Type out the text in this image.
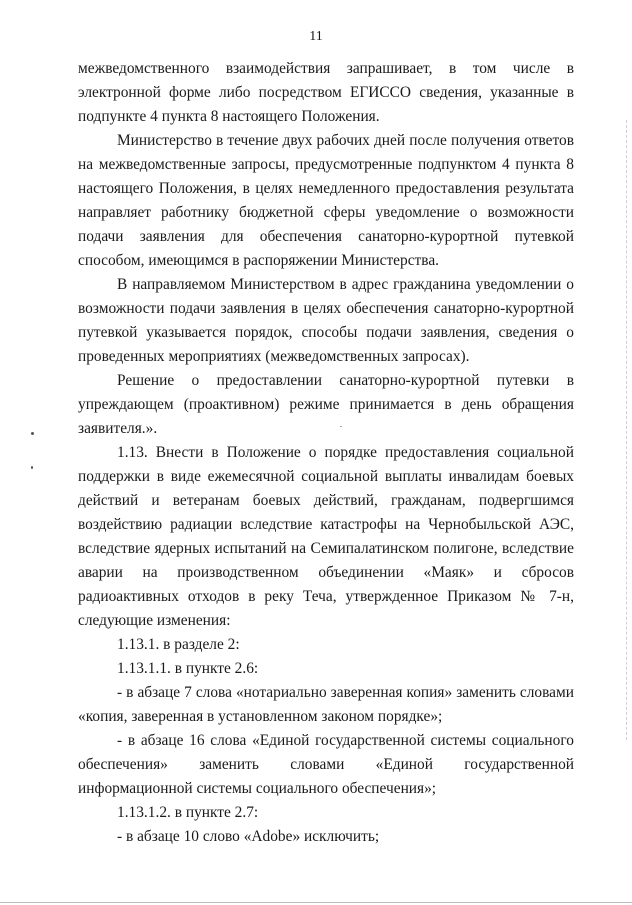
11

межведомственного взаимодействия запрашивает, в том числе в электронной форме либо посредством ЕГИССО сведения, указанные в подпункте 4 пункта 8 настоящего Положения.

Министерство в течение двух рабочих дней после получения ответов на межведомственные запросы, предусмотренные подпунктом 4 пункта 8 настоящего Положения, в целях немедленного предоставления результата направляет работнику бюджетной сферы уведомление о возможности подачи заявления для обеспечения санаторно-курортной путевкой способом, имеющимся в распоряжении Министерства.

В направляемом Министерством в адрес гражданина уведомлении о возможности подачи заявления в целях обеспечения санаторно-курортной путевкой указывается порядок, способы подачи заявления, сведения о проведенных мероприятиях (межведомственных запросах).

Решение о предоставлении санаторно-курортной путевки в упреждающем (проактивном) режиме принимается в день обращения заявителя.».

1.13. Внести в Положение о порядке предоставления социальной поддержки в виде ежемесячной социальной выплаты инвалидам боевых действий и ветеранам боевых действий, гражданам, подвергшимся воздействию радиации вследствие катастрофы на Чернобыльской АЭС, вследствие ядерных испытаний на Семипалатинском полигоне, вследствие аварии на производственном объединении «Маяк» и сбросов радиоактивных отходов в реку Теча, утвержденное Приказом № 7-н, следующие изменения:

1.13.1. в разделе 2:

1.13.1.1. в пункте 2.6:

- в абзаце 7 слова «нотариально заверенная копия» заменить словами «копия, заверенная в установленном законом порядке»;

- в абзаце 16 слова «Единой государственной системы социального обеспечения» заменить словами «Единой государственной информационной системы социального обеспечения»;

1.13.1.2. в пункте 2.7:

- в абзаце 10 слово «Adobe» исключить;
